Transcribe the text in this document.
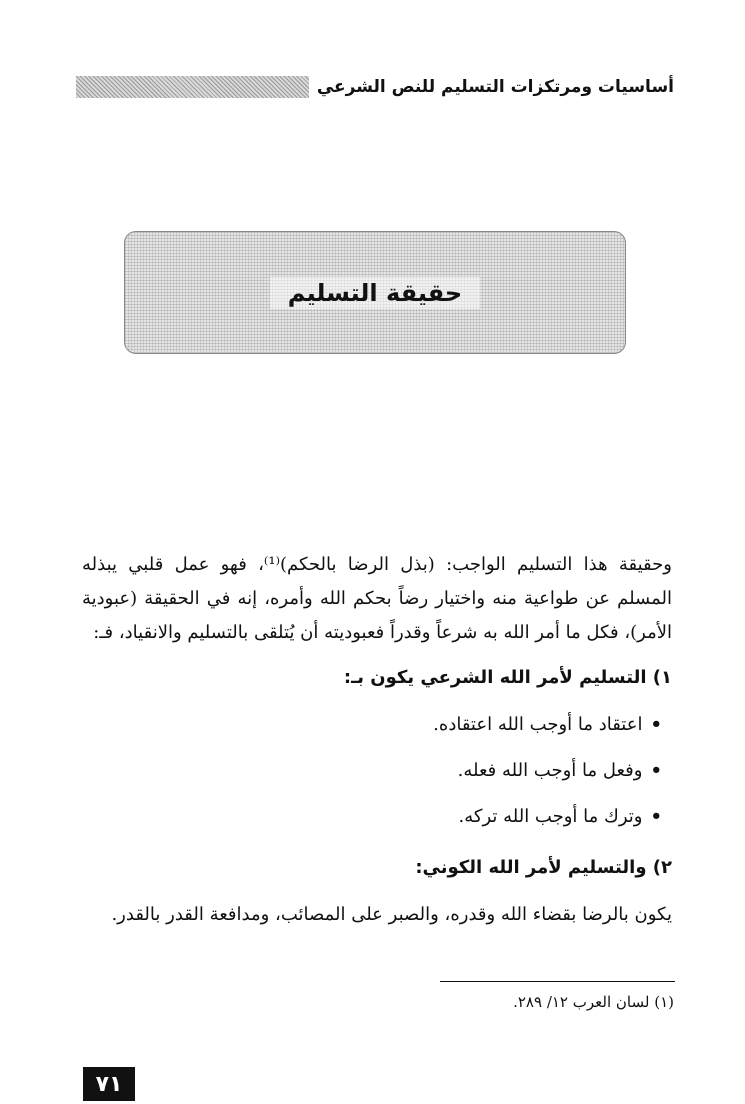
أساسيات ومرتكزات التسليم للنص الشرعي
حقيقة التسليم

وحقيقة هذا التسليم الواجب: (بذل الرضا بالحكم)⁽¹⁾، فهو عمل قلبي يبذله المسلم عن طواعية منه واختيار رضاً بحكم الله وأمره، إنه في الحقيقة (عبودية الأمر)، فكل ما أمر الله به شرعاً وقدراً فعبوديته أن يُتلقى بالتسليم والانقياد، فـ:

١) التسليم لأمر الله الشرعي يكون بـ:
•اعتقاد ما أوجب الله اعتقاده.
•وفعل ما أوجب الله فعله.
•وترك ما أوجب الله تركه.
٢) والتسليم لأمر الله الكوني:

يكون بالرضا بقضاء الله وقدره، والصبر على المصائب، ومدافعة القدر بالقدر.

(١) لسان العرب ١٢/ ٢٨٩.
٧١
